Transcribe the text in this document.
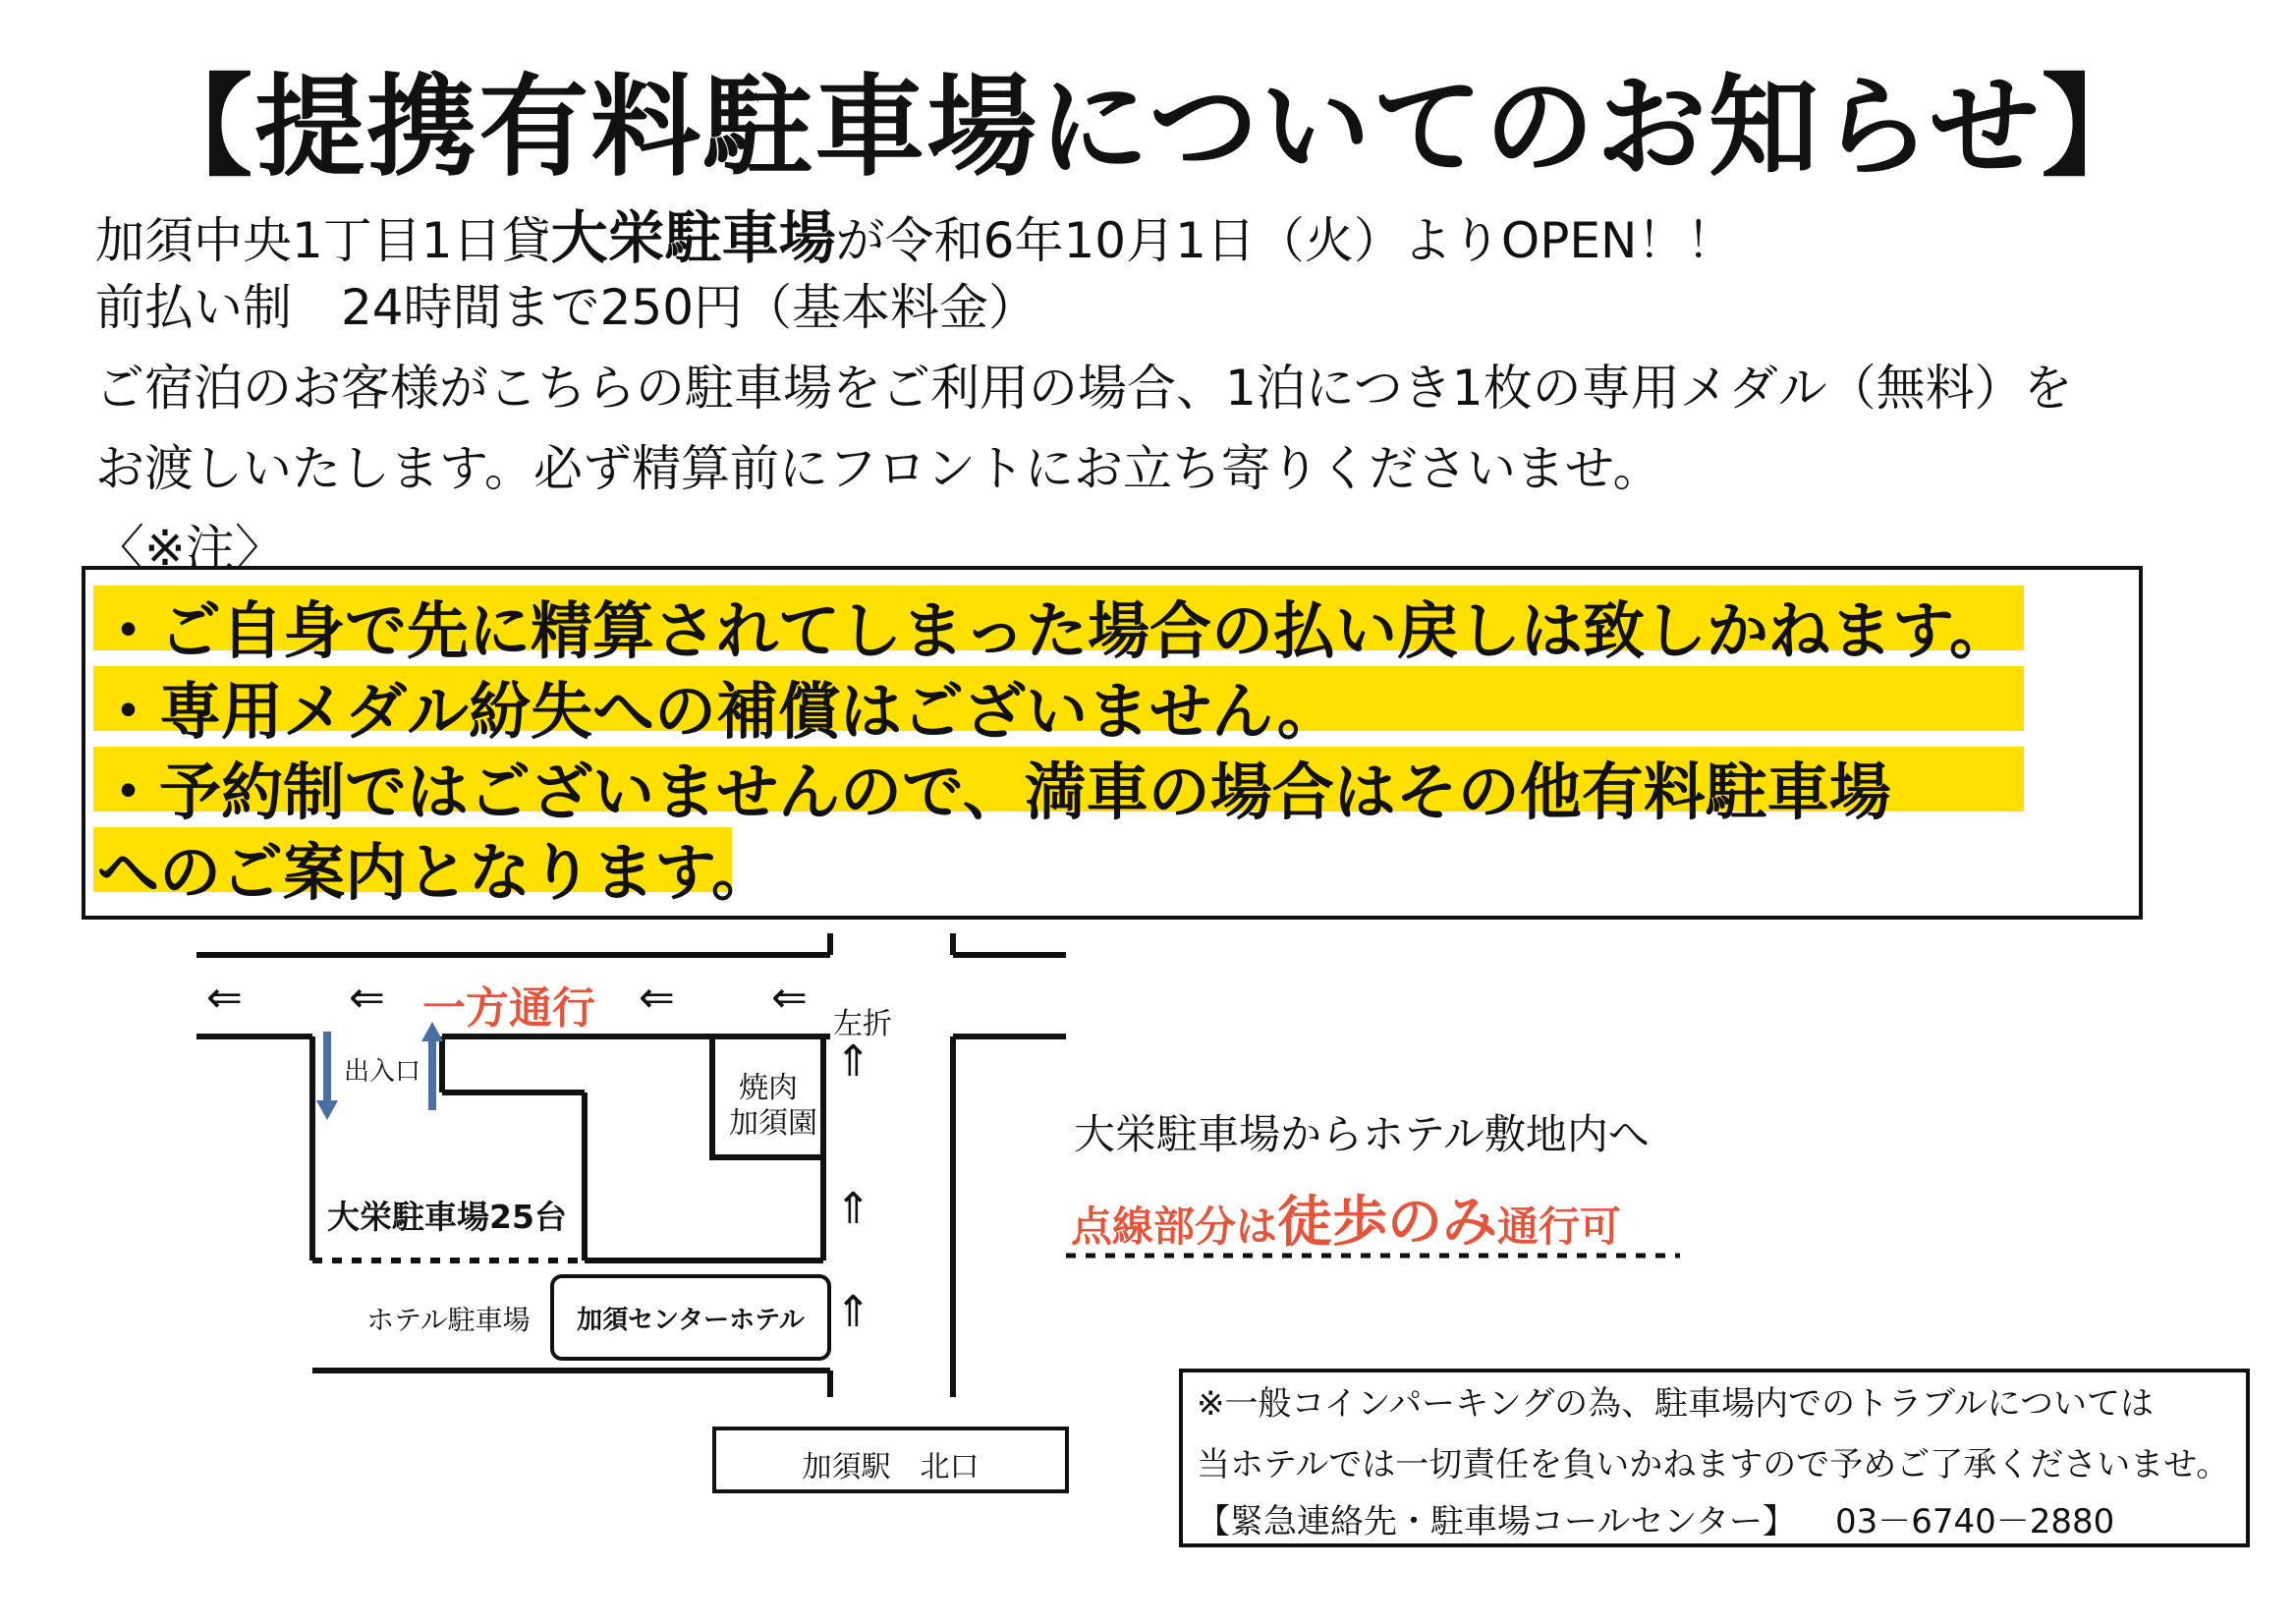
【提携有料駐車場についてのお知らせ】
加須中央1丁目1日貸大栄駐車場が令和6年10月1日（火）よりOPEN！！
前払い制　24時間まで250円（基本料金）
ご宿泊のお客様がこちらの駐車場をご利用の場合、1泊につき1枚の専用メダル（無料）を
お渡しいたします。必ず精算前にフロントにお立ち寄りくださいませ。
〈※注〉
・ご自身で先に精算されてしまった場合の払い戻しは致しかねます。
・専用メダル紛失への補償はございません。
・予約制ではございませんので、満車の場合はその他有料駐車場
へのご案内となります。
⇐ ⇐ 一方通行 ⇐ ⇐
左折
⇑
⇑
⇑
出入口	焼肉
加須園
大栄駐車場25台
ホテル駐車場	加須センターホテル
加須駅　北口
大栄駐車場からホテル敷地内へ
点線部分は徒歩のみ通行可
※一般コインパーキングの為、駐車場内でのトラブルについては
当ホテルでは一切責任を負いかねますので予めご了承くださいませ。
【緊急連絡先・駐車場コールセンター】 03－6740－2880
